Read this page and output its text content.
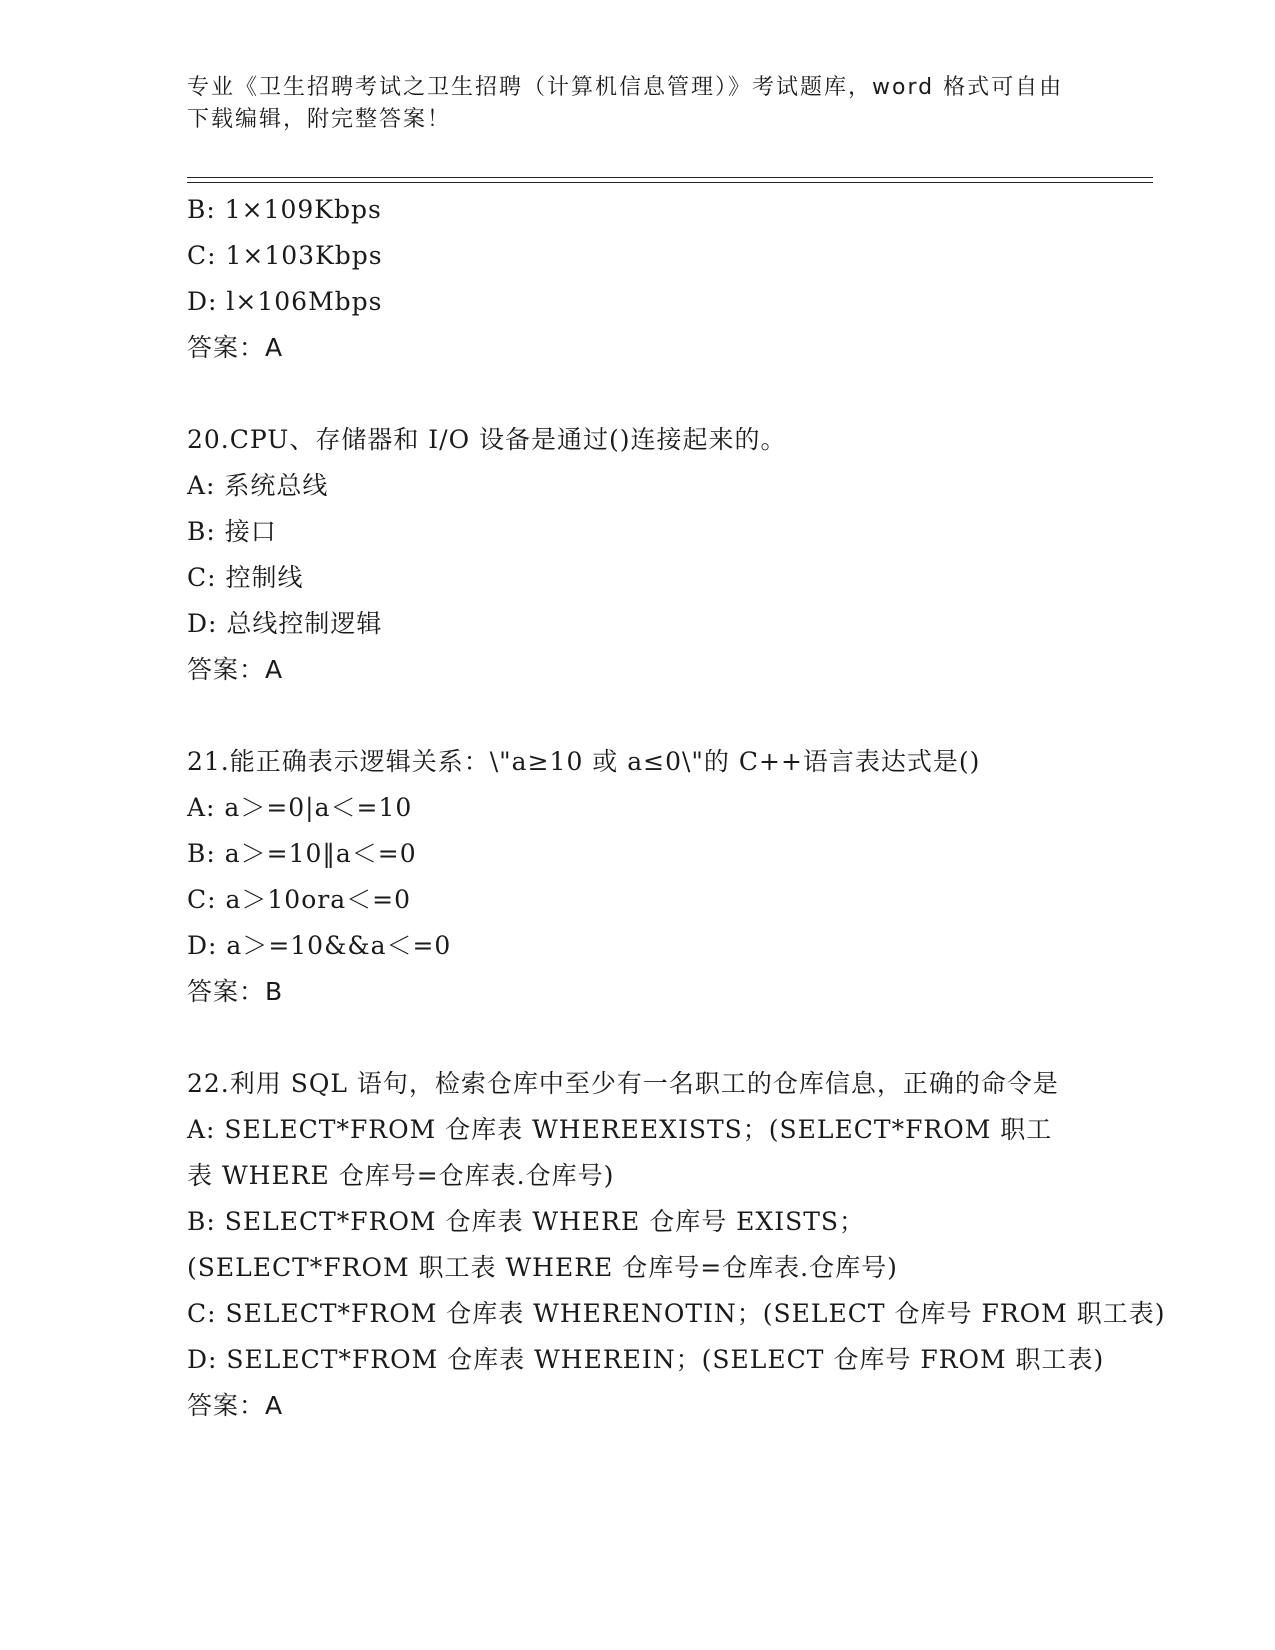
专业《卫生招聘考试之卫生招聘（计算机信息管理）》考试题库，word 格式可自由下载编辑，附完整答案！
B: 1×109Kbps
C: 1×103Kbps
D: l×106Mbps
答案：A
20.CPU、存储器和 I/O 设备是通过()连接起来的。
A: 系统总线
B: 接口
C: 控制线
D: 总线控制逻辑
答案：A
21.能正确表示逻辑关系：\"a≥10 或 a≤0\"的 C++语言表达式是()
A: a＞=0|a＜=10
B: a＞=10‖a＜=0
C: a＞10ora＜=0
D: a＞=10&&a＜=0
答案：B
22.利用 SQL 语句，检索仓库中至少有一名职工的仓库信息，正确的命令是
A: SELECT*FROM 仓库表 WHEREEXISTS；(SELECT*FROM 职工表 WHERE 仓库号=仓库表.仓库号)
B: SELECT*FROM 仓库表 WHERE 仓库号 EXISTS；(SELECT*FROM 职工表 WHERE 仓库号=仓库表.仓库号)
C: SELECT*FROM 仓库表 WHERENOTIN；(SELECT 仓库号 FROM 职工表)
D: SELECT*FROM 仓库表 WHEREIN；(SELECT 仓库号 FROM 职工表)
答案：A
